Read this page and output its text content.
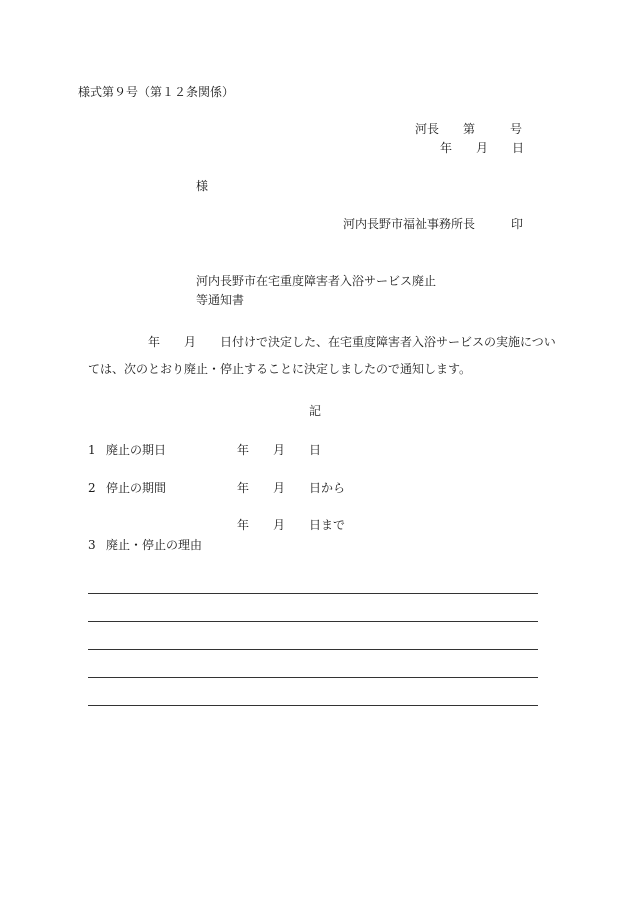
様式第９号（第１２条関係）
河長 第	号
年 月 日
様
河内長野市福祉事務所長	印
河内長野市在宅重度障害者入浴サービス廃止
等通知書
年 月 日付けで決定した、在宅重度障害者入浴サービスの実施につい
ては、次のとおり廃止・停止することに決定しましたので通知します。
記
1 廃止の期日	年 月 日
2 停止の期間	年 月 日から
年 月 日まで
3 廃止・停止の理由
